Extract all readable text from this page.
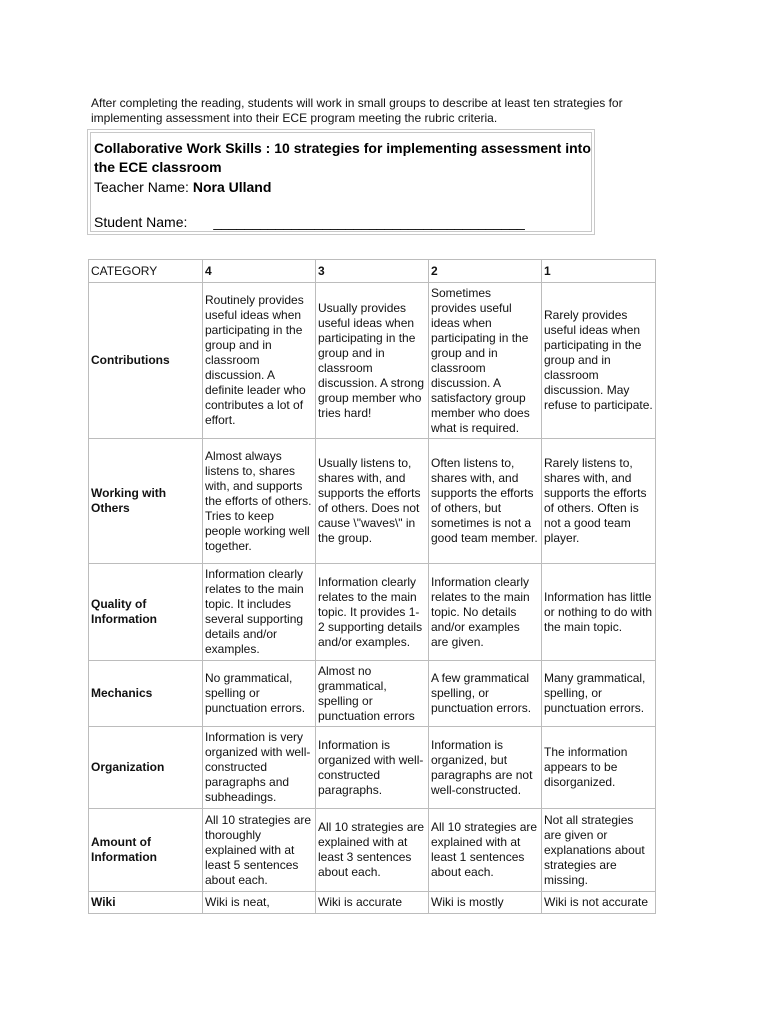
After completing the reading, students will work in small groups to describe at least ten strategies for implementing assessment into their ECE program meeting the rubric criteria.
Collaborative Work Skills : 10 strategies for implementing assessment into the ECE classroom
Teacher Name: Nora Ulland
Student Name: ________________________________________
CATEGORY	4	3	2	1
Contributions	Routinely provides useful ideas when participating in the group and in classroom discussion. A definite leader who contributes a lot of effort.	Usually provides useful ideas when participating in the group and in classroom discussion. A strong group member who tries hard!	Sometimes provides useful ideas when participating in the group and in classroom discussion. A satisfactory group member who does what is required.	Rarely provides useful ideas when participating in the group and in classroom discussion. May refuse to participate.
Working with Others	Almost always listens to, shares with, and supports the efforts of others. Tries to keep people working well together.	Usually listens to, shares with, and supports the efforts of others. Does not cause \"waves\" in the group.	Often listens to, shares with, and supports the efforts of others, but sometimes is not a good team member.	Rarely listens to, shares with, and supports the efforts of others. Often is not a good team player.
Quality of Information	Information clearly relates to the main topic. It includes several supporting details and/or examples.	Information clearly relates to the main topic. It provides 1-2 supporting details and/or examples.	Information clearly relates to the main topic. No details and/or examples are given.	Information has little or nothing to do with the main topic.
Mechanics	No grammatical, spelling or punctuation errors.	Almost no grammatical, spelling or punctuation errors	A few grammatical spelling, or punctuation errors.	Many grammatical, spelling, or punctuation errors.
Organization	Information is very organized with well-constructed paragraphs and subheadings.	Information is organized with well-constructed paragraphs.	Information is organized, but paragraphs are not well-constructed.	The information appears to be disorganized.
Amount of Information	All 10 strategies are thoroughly explained with at least 5 sentences about each.	All 10 strategies are explained with at least 3 sentences about each.	All 10 strategies are explained with at least 1 sentences about each.	Not all strategies are given or explanations about strategies are missing.
Wiki	Wiki is neat,	Wiki is accurate	Wiki is mostly	Wiki is not accurate
